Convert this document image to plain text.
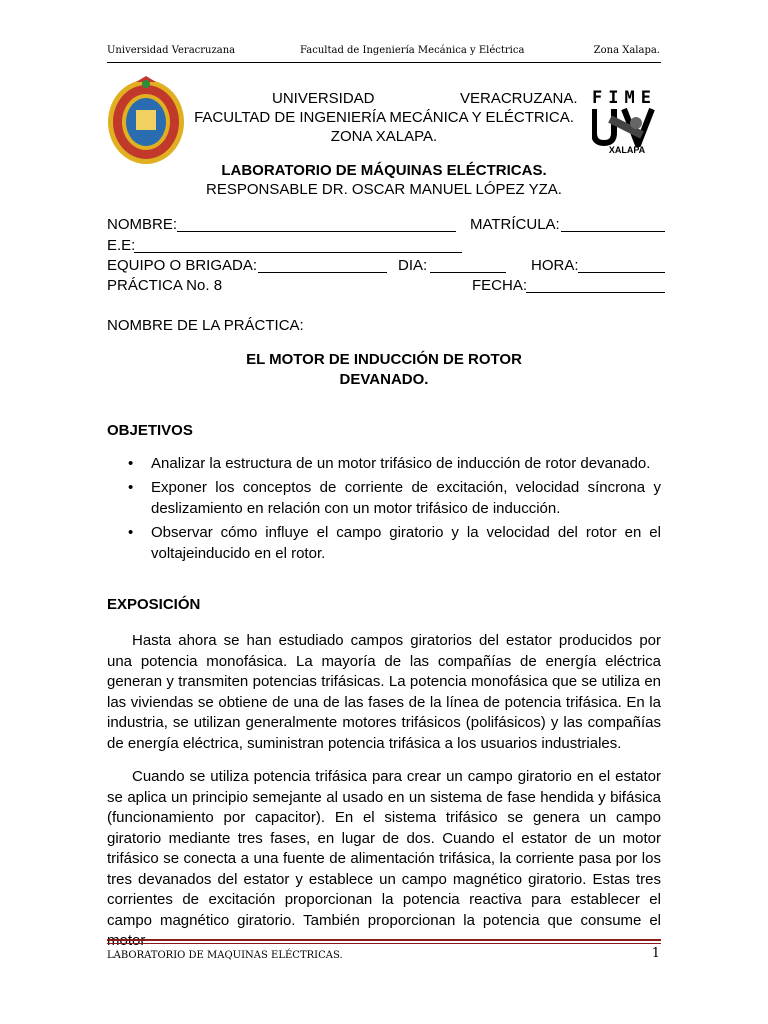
Universidad Veracruzana	Facultad de Ingeniería Mecánica y Eléctrica	Zona Xalapa.
FIME
XALAPA
UNIVERSIDAD	VERACRUZANA.
FACULTAD DE INGENIERÍA MECÁNICA Y ELÉCTRICA.
ZONA XALAPA.
LABORATORIO DE MÁQUINAS ELÉCTRICAS.
RESPONSABLE DR. OSCAR MANUEL LÓPEZ YZA.
NOMBRE:	MATRÍCULA:
E.E:
EQUIPO O BRIGADA:	DIA:	HORA:
PRÁCTICA No. 8	FECHA:
NOMBRE DE LA PRÁCTICA:
EL MOTOR DE INDUCCIÓN DE ROTOR
DEVANADO.
OBJETIVOS
• Analizar la estructura de un motor trifásico de inducción de rotor devanado.
• Exponer los conceptos de corriente de excitación, velocidad síncrona y deslizamiento en relación con un motor trifásico de inducción.
• Observar cómo influye el campo giratorio y la velocidad del rotor en el voltajeinducido en el rotor.
EXPOSICIÓN
Hasta ahora se han estudiado campos giratorios del estator producidos por una potencia monofásica. La mayoría de las compañías de energía eléctrica generan y transmiten potencias trifásicas. La potencia monofásica que se utiliza en las viviendas se obtiene de una de las fases de la línea de potencia trifásica. En la industria, se utilizan generalmente motores trifásicos (polifásicos) y las compañías de energía eléctrica, suministran potencia trifásica a los usuarios industriales.
Cuando se utiliza potencia trifásica para crear un campo giratorio en el estator se aplica un principio semejante al usado en un sistema de fase hendida y bifásica (funcionamiento por capacitor). En el sistema trifásico se genera un campo giratorio mediante tres fases, en lugar de dos. Cuando el estator de un motor trifásico se conecta a una fuente de alimentación trifásica, la corriente pasa por los tres devanados del estator y establece un campo magnético giratorio. Estas tres corrientes de excitación proporcionan la potencia reactiva para establecer el campo magnético giratorio. También proporcionan la potencia que consume el
LABORATORIO DE MAQUINAS ELÉCTRICAS.	1
